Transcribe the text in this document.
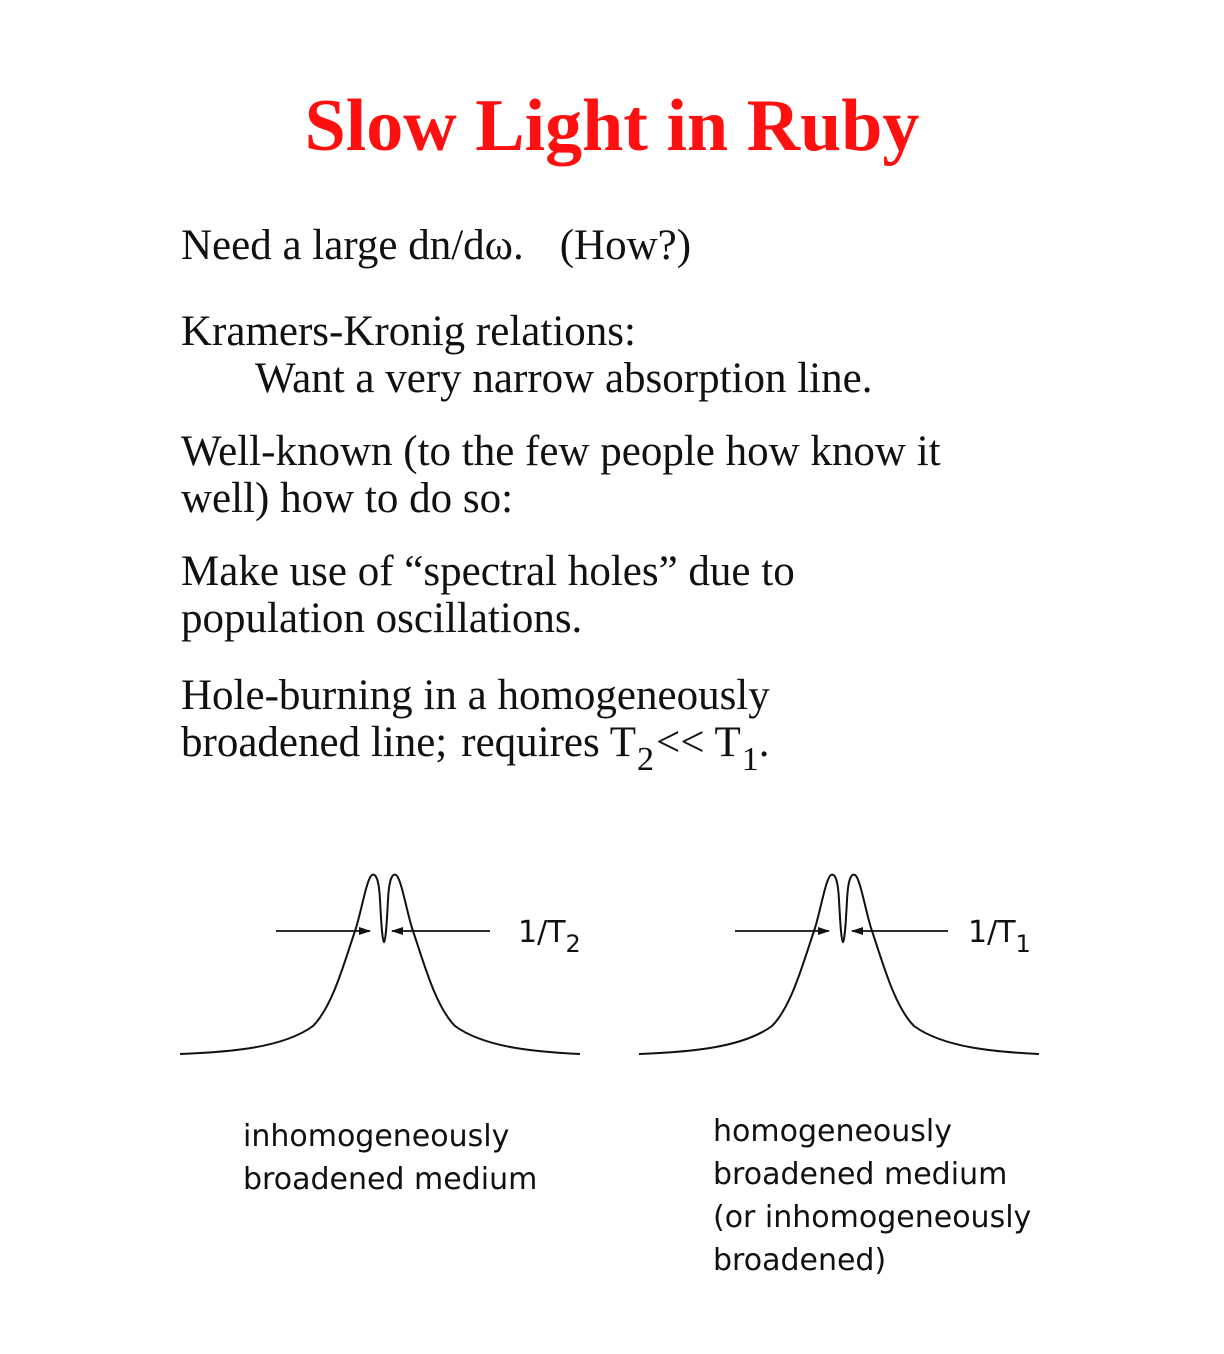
Slow Light in Ruby
Need a large dn/dω. (How?)
Kramers-Kronig relations:
Want a very narrow absorption line.
Well-known (to the few people how know it
well) how to do so:
Make use of “spectral holes” due to
population oscillations.
Hole-burning in a homogeneously
broadened line; requires $T_2<< T_1$.
$1/T_2$	$1/T_1$
inhomogeneously
broadened medium
homogeneously
broadened medium
(or inhomogeneously
broadened)
